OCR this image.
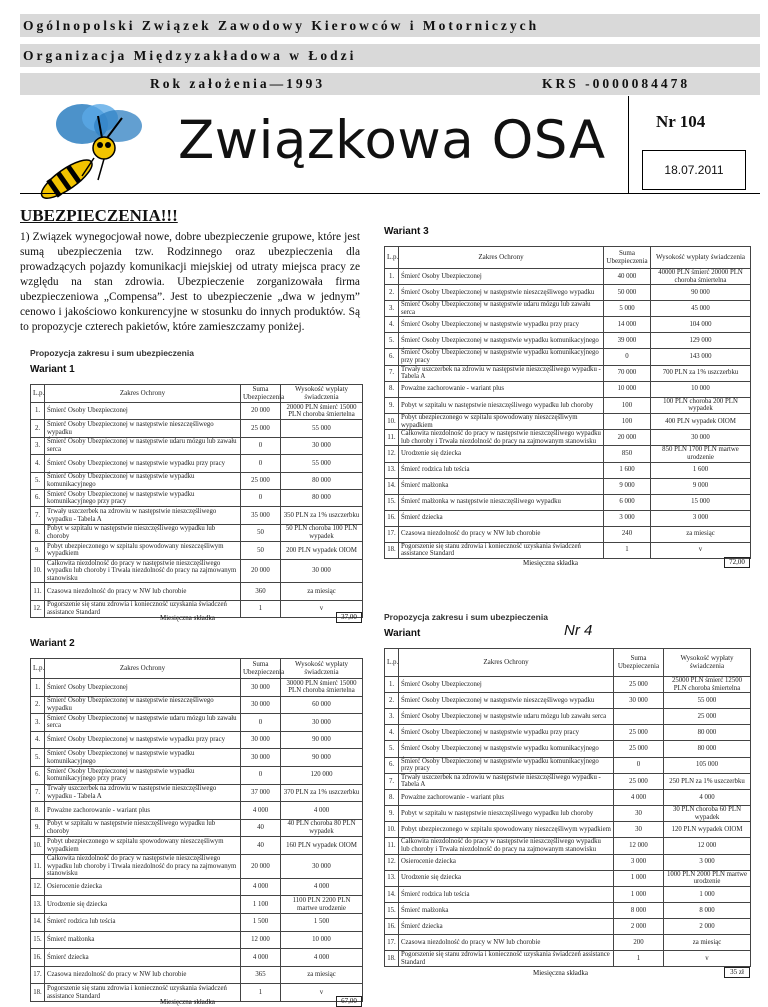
Ogólnopolski Związek Zawodowy Kierowców i Motorniczych
Organizacja Międzyzakładowa w Łodzi
Rok założenia—1993	KRS -0000084478
Związkowa OSA	Nr 104
18.07.2011
UBEZPIECZENIA!!!
1) Związek wynegocjował nowe, dobre ubezpieczenie grupowe, które jest sumą ubezpieczenia tzw. Rodzinnego oraz ubezpieczenia dla prowadzących pojazdy komunikacji miejskiej od utraty miejsca pracy ze względu na stan zdrowia. Ubezpieczenie zorganizowała firma ubezpieczeniowa „Compensa”. Jest to ubezpieczenie „dwa w jednym” cenowo i jakościowo konkurencyjne w stosunku do innych produktów. Są to propozycje czterech pakietów, które zamieszczamy poniżej.
Propozycja zakresu i sum ubezpieczenia
Wariant 1
L.p.	Zakres Ochrony	Suma Ubezpieczenia	Wysokość wypłaty świadczenia
1.	Śmierć Osoby Ubezpieczonej	20 000	20000 PLN śmierć 15000 PLN choroba śmiertelna
2.	Śmierć Osoby Ubezpieczonej w następstwie nieszczęśliwego wypadku	25 000	55 000
3.	Śmierć Osoby Ubezpieczonej w następstwie udaru mózgu lub zawału serca	0	30 000
4.	Śmierć Osoby Ubezpieczonej w następstwie wypadku przy pracy	0	55 000
5.	Śmierć Osoby Ubezpieczonej w następstwie wypadku komunikacyjnego	25 000	80 000
6.	Śmierć Osoby Ubezpieczonej w następstwie wypadku komunikacyjnego przy pracy	0	80 000
7.	Trwały uszczerbek na zdrowiu w następstwie nieszczęśliwego wypadku - Tabela A	35 000	350 PLN za 1% uszczerbku
8.	Pobyt w szpitalu w następstwie nieszczęśliwego wypadku lub choroby	50	50 PLN choroba 100 PLN wypadek
9.	Pobyt ubezpieczonego w szpitalu spowodowany nieszczęśliwym wypadkiem	50	200 PLN wypadek OIOM
10.	Całkowita niezdolność do pracy w następstwie nieszczęśliwego wypadku lub choroby i Trwała niezdolność do pracy na zajmowanym stanowisku	20 000	30 000
11.	Czasowa niezdolność do pracy w NW lub chorobie	360	za miesiąc
12.	Pogorszenie się stanu zdrowia i konieczność uzyskania świadczeń assistance Standard	1	v
Miesięczna składka	37,00
Wariant 2
L.p.	Zakres Ochrony	Suma Ubezpieczenia	Wysokość wypłaty świadczenia
1.	Śmierć Osoby Ubezpieczonej	30 000	30000 PLN śmierć 15000 PLN choroba śmiertelna
2.	Śmierć Osoby Ubezpieczonej w następstwie nieszczęśliwego wypadku	30 000	60 000
3.	Śmierć Osoby Ubezpieczonej w następstwie udaru mózgu lub zawału serca	0	30 000
4.	Śmierć Osoby Ubezpieczonej w następstwie wypadku przy pracy	30 000	90 000
5.	Śmierć Osoby Ubezpieczonej w następstwie wypadku komunikacyjnego	30 000	90 000
6.	Śmierć Osoby Ubezpieczonej w następstwie wypadku komunikacyjnego przy pracy	0	120 000
7.	Trwały uszczerbek na zdrowiu w następstwie nieszczęśliwego wypadku - Tabela A	37 000	370 PLN za 1% uszczerbku
8.	Poważne zachorowanie - wariant plus	4 000	4 000
9.	Pobyt w szpitalu w następstwie nieszczęśliwego wypadku lub choroby	40	40 PLN choroba 80 PLN wypadek
10.	Pobyt ubezpieczonego w szpitalu spowodowany nieszczęśliwym wypadkiem	40	160 PLN wypadek OIOM
11.	Całkowita niezdolność do pracy w następstwie nieszczęśliwego wypadku lub choroby i Trwała niezdolność do pracy na zajmowanym stanowisku	20 000	30 000
12.	Osierocenie dziecka	4 000	4 000
13.	Urodzenie się dziecka	1 100	1100 PLN 2200 PLN martwe urodzenie
14.	Śmierć rodzica lub teścia	1 500	1 500
15.	Śmierć małżonka	12 000	10 000
16.	Śmierć dziecka	4 000	4 000
17.	Czasowa niezdolność do pracy w NW lub chorobie	365	za miesiąc
18.	Pogorszenie się stanu zdrowia i konieczność uzyskania świadczeń assistance Standard	1	v
Miesięczna składka	67,00
Wariant 3
L.p.	Zakres Ochrony	Suma Ubezpieczenia	Wysokość wypłaty świadczenia
1.	Śmierć Osoby Ubezpieczonej	40 000	40000 PLN śmierć 20000 PLN choroba śmiertelna
2.	Śmierć Osoby Ubezpieczonej w następstwie nieszczęśliwego wypadku	50 000	90 000
3.	Śmierć Osoby Ubezpieczonej w następstwie udaru mózgu lub zawału serca	5 000	45 000
4.	Śmierć Osoby Ubezpieczonej w następstwie wypadku przy pracy	14 000	104 000
5.	Śmierć Osoby Ubezpieczonej w następstwie wypadku komunikacyjnego	39 000	129 000
6.	Śmierć Osoby Ubezpieczonej w następstwie wypadku komunikacyjnego przy pracy	0	143 000
7.	Trwały uszczerbek na zdrowiu w następstwie nieszczęśliwego wypadku - Tabela A	70 000	700 PLN za 1% uszczerbku
8.	Poważne zachorowanie - wariant plus	10 000	10 000
9.	Pobyt w szpitalu w następstwie nieszczęśliwego wypadku lub choroby	100	100 PLN choroba 200 PLN wypadek
10.	Pobyt ubezpieczonego w szpitalu spowodowany nieszczęśliwym wypadkiem	100	400 PLN wypadek OIOM
11.	Całkowita niezdolność do pracy w następstwie nieszczęśliwego wypadku lub choroby i Trwała niezdolność do pracy na zajmowanym stanowisku	20 000	30 000
12.	Urodzenie się dziecka	850	850 PLN 1700 PLN martwe urodzenie
13.	Śmierć rodzica lub teścia	1 600	1 600
14.	Śmierć małżonka	9 000	9 000
15.	Śmierć małżonka w następstwie nieszczęśliwego wypadku	6 000	15 000
16.	Śmierć dziecka	3 000	3 000
17.	Czasowa niezdolność do pracy w NW lub chorobie	240	za miesiąc
18.	Pogorszenie się stanu zdrowia i konieczność uzyskania świadczeń assistance Standard	1	v
Miesięczna składka	72,00
Propozycja zakresu i sum ubezpieczenia
Wariant	Nr 4
L.p.	Zakres Ochrony	Suma Ubezpieczenia	Wysokość wypłaty świadczenia
1.	Śmierć Osoby Ubezpieczonej	25 000	25000 PLN śmierć 12500 PLN choroba śmiertelna
2.	Śmierć Osoby Ubezpieczonej w następstwie nieszczęśliwego wypadku	30 000	55 000
3.	Śmierć Osoby Ubezpieczonej w następstwie udaru mózgu lub zawału serca		25 000
4.	Śmierć Osoby Ubezpieczonej w następstwie wypadku przy pracy	25 000	80 000
5.	Śmierć Osoby Ubezpieczonej w następstwie wypadku komunikacyjnego	25 000	80 000
6.	Śmierć Osoby Ubezpieczonej w następstwie wypadku komunikacyjnego przy pracy	0	105 000
7.	Trwały uszczerbek na zdrowiu w następstwie nieszczęśliwego wypadku - Tabela A	25 000	250 PLN za 1% uszczerbku
8.	Poważne zachorowanie - wariant plus	4 000	4 000
9.	Pobyt w szpitalu w następstwie nieszczęśliwego wypadku lub choroby	30	30 PLN choroba 60 PLN wypadek
10.	Pobyt ubezpieczonego w szpitalu spowodowany nieszczęśliwym wypadkiem	30	120 PLN wypadek OIOM
11.	Całkowita niezdolność do pracy w następstwie nieszczęśliwego wypadku lub choroby i Trwała niezdolność do pracy na zajmowanym stanowisku	12 000	12 000
12.	Osierocenie dziecka	3 000	3 000
13.	Urodzenie się dziecka	1 000	1000 PLN 2000 PLN martwe urodzenie
14.	Śmierć rodzica lub teścia	1 000	1 000
15.	Śmierć małżonka	8 000	8 000
16.	Śmierć dziecka	2 000	2 000
17.	Czasowa niezdolność do pracy w NW lub chorobie	200	za miesiąc
18.	Pogorszenie się stanu zdrowia i konieczność uzyskania świadczeń assistance Standard	1	v
Miesięczna składka	35 zł
